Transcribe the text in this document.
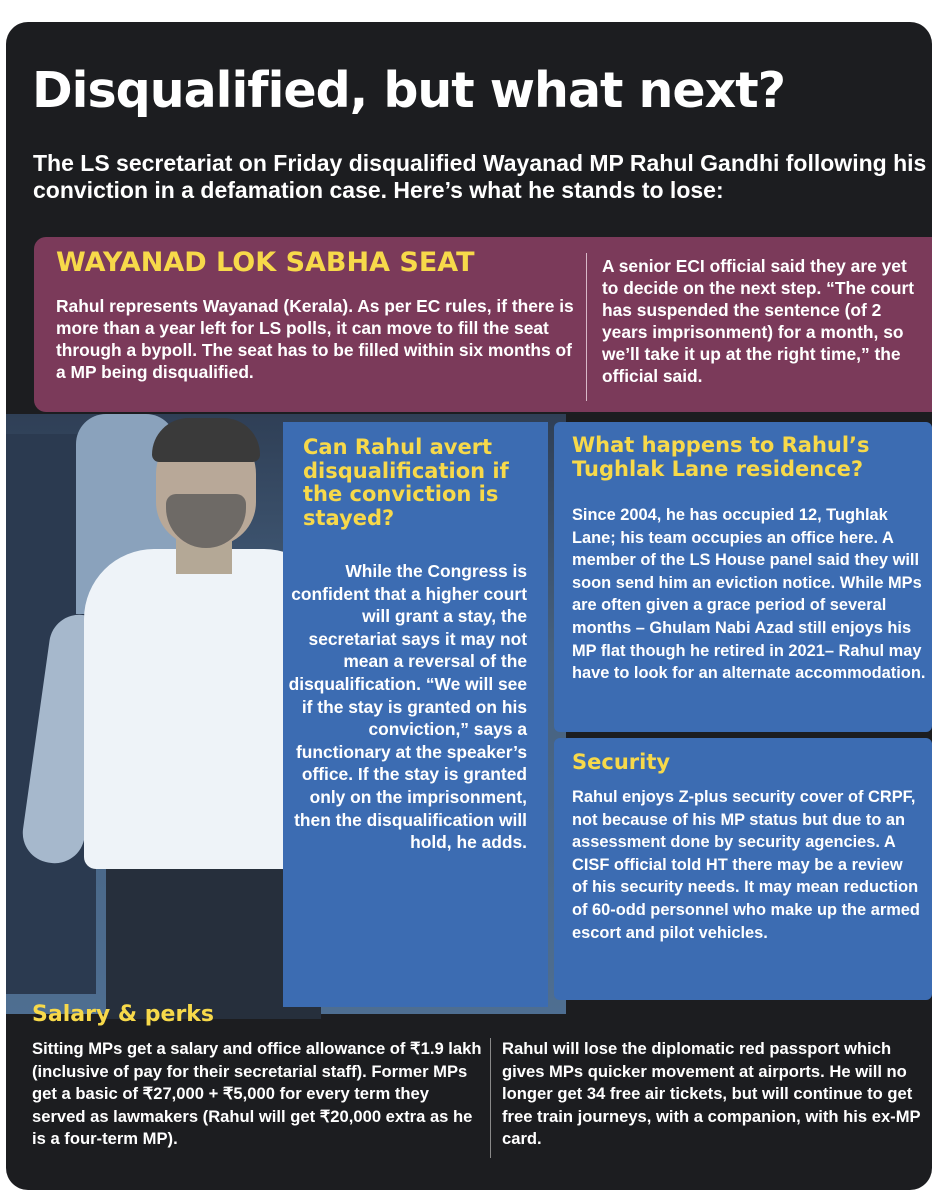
Disqualified, but what next?

The LS secretariat on Friday disqualified Wayanad MP Rahul Gandhi following his conviction in a defamation case. Here’s what he stands to lose:

WAYANAD LOK SABHA SEAT

Rahul represents Wayanad (Kerala). As per EC rules, if there is more than a year left for LS polls, it can move to fill the seat through a bypoll. The seat has to be filled within six months of a MP being disqualified.

A senior ECI official said they are yet to decide on the next step. “The court has suspended the sentence (of 2 years imprisonment) for a month, so we’ll take it up at the right time,” the official said.

Can Rahul avert disqualification if the conviction is stayed?

While the Congress is confident that a higher court will grant a stay, the secretariat says it may not mean a reversal of the disqualification. “We will see if the stay is granted on his conviction,” says a functionary at the speaker’s office. If the stay is granted only on the imprisonment, then the disqualification will hold, he adds.

What happens to Rahul’s Tughlak Lane residence?

Since 2004, he has occupied 12, Tughlak Lane; his team occupies an office here. A member of the LS House panel said they will soon send him an eviction notice. While MPs are often given a grace period of several months – Ghulam Nabi Azad still enjoys his MP flat though he retired in 2021– Rahul may have to look for an alternate accommodation.

Security

Rahul enjoys Z-plus security cover of CRPF, not because of his MP status but due to an assessment done by security agencies. A CISF official told HT there may be a review of his security needs. It may mean reduction of 60-odd personnel who make up the armed escort and pilot vehicles.

Salary & perks

Sitting MPs get a salary and office allowance of ₹1.9 lakh (inclusive of pay for their secretarial staff). Former MPs get a basic of ₹27,000 + ₹5,000 for every term they served as lawmakers (Rahul will get ₹20,000 extra as he is a four-term MP).

Rahul will lose the diplomatic red passport which gives MPs quicker movement at airports. He will no longer get 34 free air tickets, but will continue to get free train journeys, with a companion, with his ex-MP card.
